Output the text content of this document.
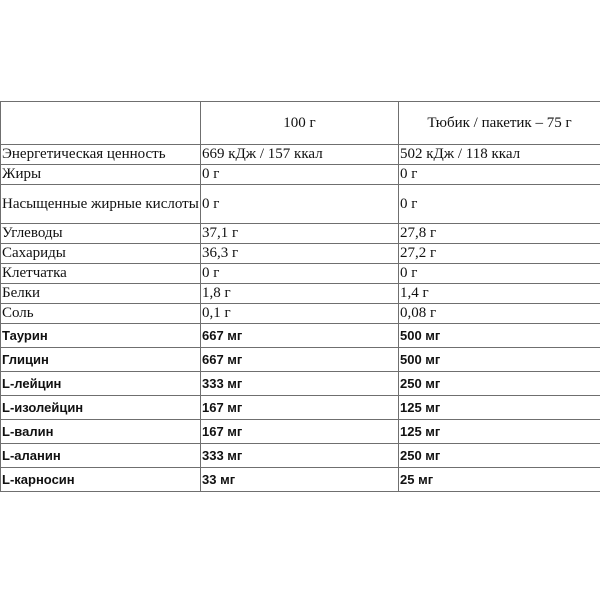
	100 г	Тюбик / пакетик – 75 г
Энергетическая ценность	669 кДж / 157 ккал	502 кДж / 118 ккал
Жиры	0 г	0 г
Насыщенные жирные кислоты	0 г	0 г
Углеводы	37,1 г	27,8 г
Сахариды	36,3 г	27,2 г
Клетчатка	0 г	0 г
Белки	1,8 г	1,4 г
Соль	0,1 г	0,08 г
Таурин	667 мг	500 мг
Глицин	667 мг	500 мг
L-лейцин	333 мг	250 мг
L-изолейцин	167 мг	125 мг
L-валин	167 мг	125 мг
L-аланин	333 мг	250 мг
L-карносин	33 мг	25 мг
